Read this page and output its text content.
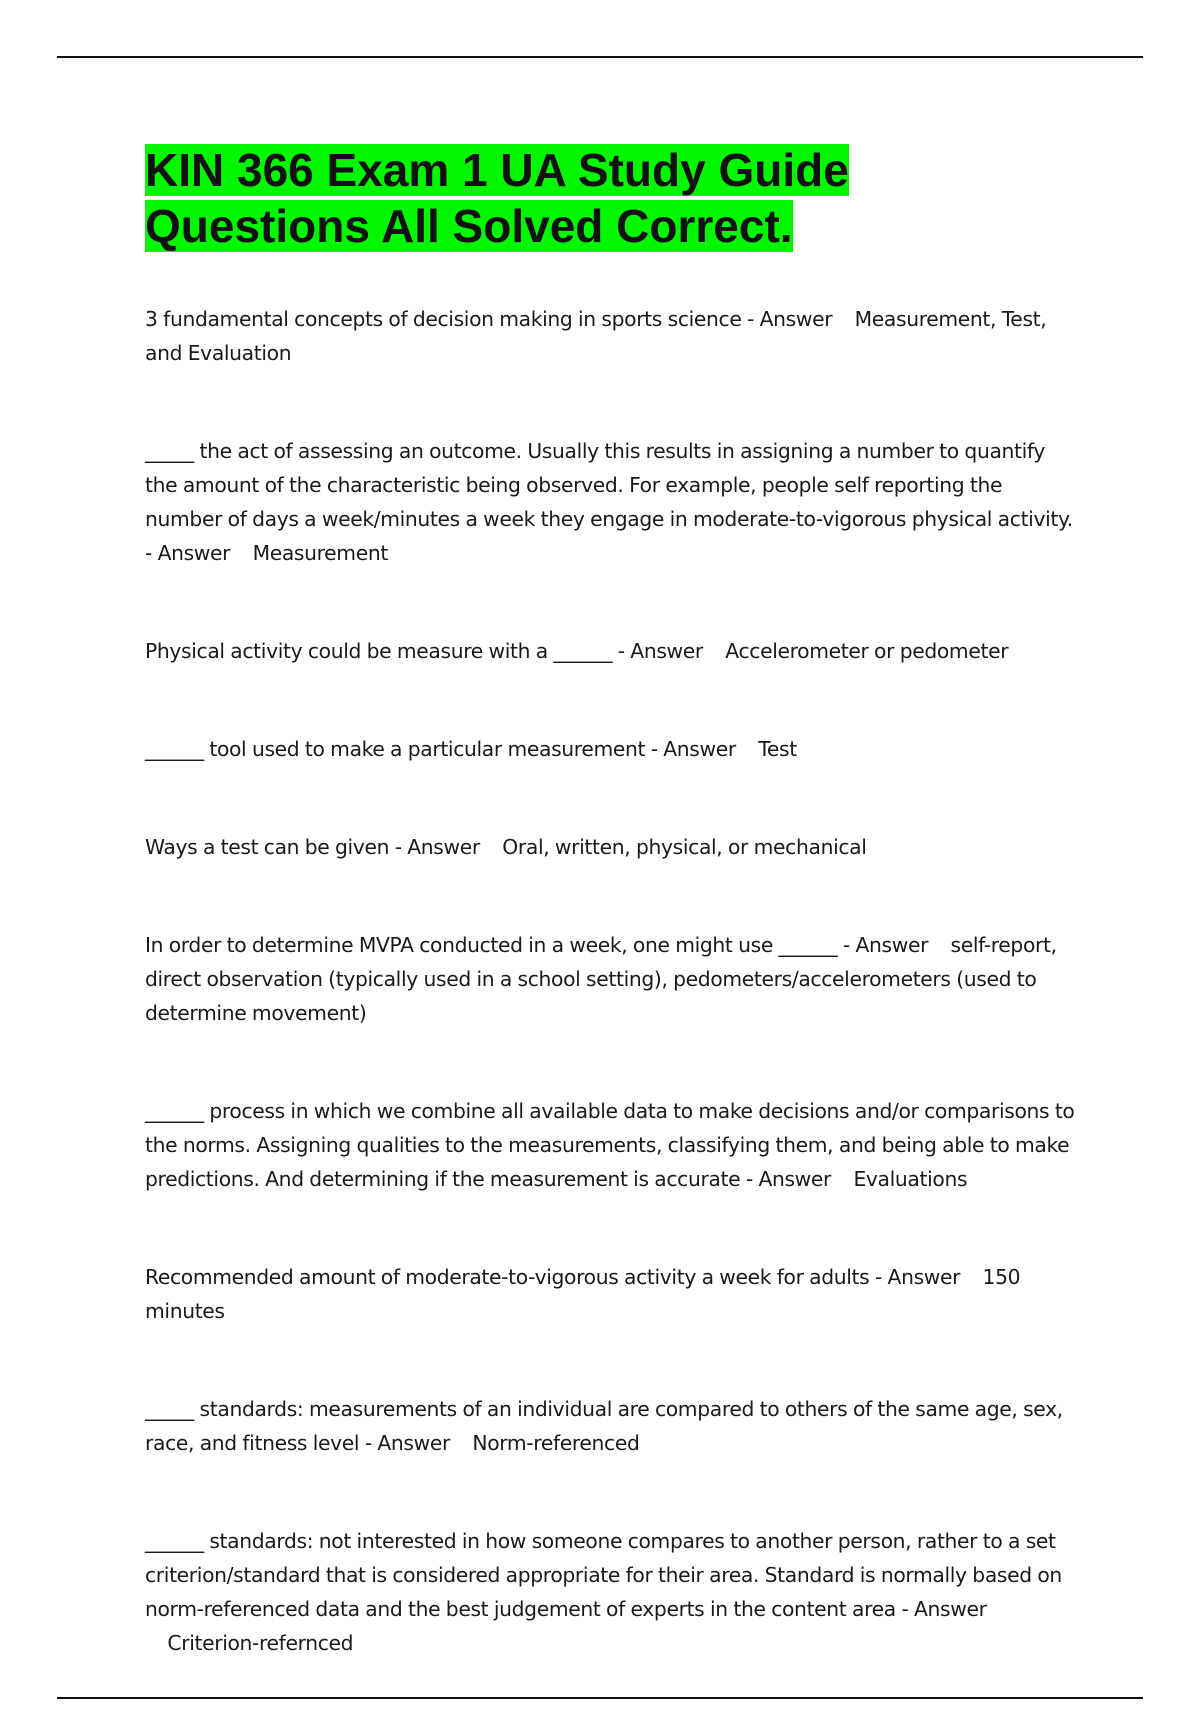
KIN 366 Exam 1 UA Study Guide
Questions All Solved Correct.

3 fundamental concepts of decision making in sports science - Answer Measurement, Test, and Evaluation

_____ the act of assessing an outcome. Usually this results in assigning a number to quantify the amount of the characteristic being observed. For example, people self reporting the number of days a week/minutes a week they engage in moderate-to-vigorous physical activity. - Answer Measurement

Physical activity could be measure with a ______ - Answer Accelerometer or pedometer

______ tool used to make a particular measurement - Answer Test

Ways a test can be given - Answer Oral, written, physical, or mechanical

In order to determine MVPA conducted in a week, one might use ______ - Answer self-report, direct observation (typically used in a school setting), pedometers/accelerometers (used to determine movement)

______ process in which we combine all available data to make decisions and/or comparisons to the norms. Assigning qualities to the measurements, classifying them, and being able to make predictions. And determining if the measurement is accurate - Answer Evaluations

Recommended amount of moderate-to-vigorous activity a week for adults - Answer 150 minutes

_____ standards: measurements of an individual are compared to others of the same age, sex, race, and fitness level - Answer Norm-referenced

______ standards: not interested in how someone compares to another person, rather to a set criterion/standard that is considered appropriate for their area. Standard is normally based on norm-referenced data and the best judgement of experts in the content area - Answer    Criterion-refernced
